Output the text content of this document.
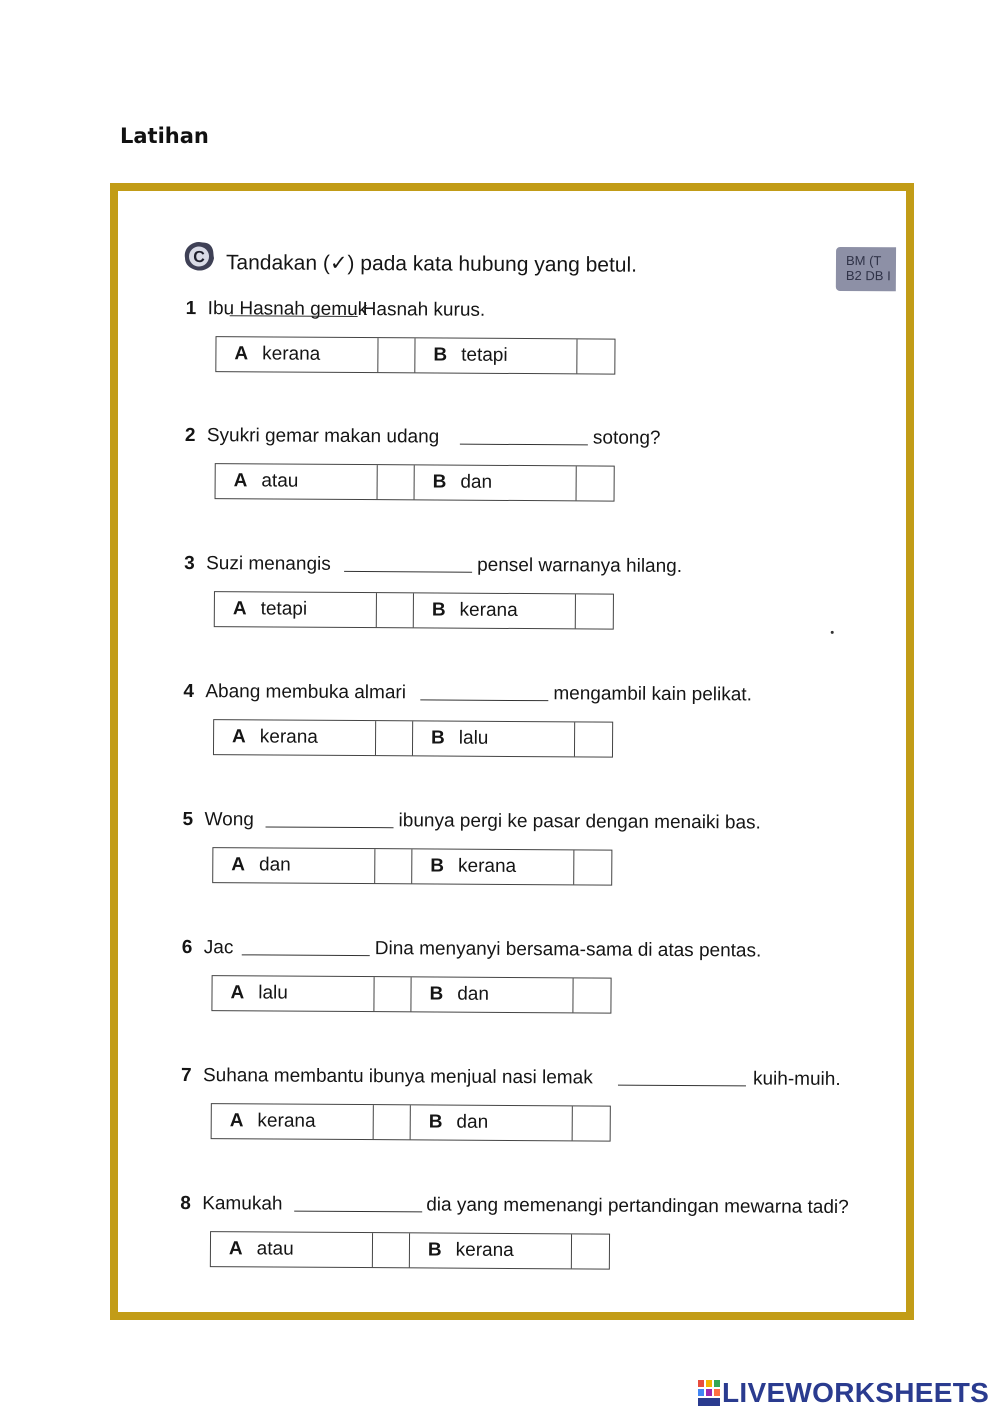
Latihan
C Tandakan (✓) pada kata hubung yang betul.	BM (T
B2 DB I
1 Ibu Hasnah gemuk
Hasnah kurus.
A kerana	B tetapi
2 Syukri gemar makan udang	sotong?
A atau	B dan
3 Suzi menangis	pensel warnanya hilang.
A tetapi	B kerana
4 Abang membuka almari	mengambil kain pelikat.
A kerana	B lalu
5 Wong	ibunya pergi ke pasar dengan menaiki bas.
A dan	B kerana
6 Jac	Dina menyanyi bersama-sama di atas pentas.
A lalu	B dan
7 Suhana membantu ibunya menjual nasi lemak	kuih-muih.
A kerana	B dan
8 Kamukah	dia yang memenangi pertandingan mewarna tadi?
A atau	B kerana
LIVEWORKSHEETS
